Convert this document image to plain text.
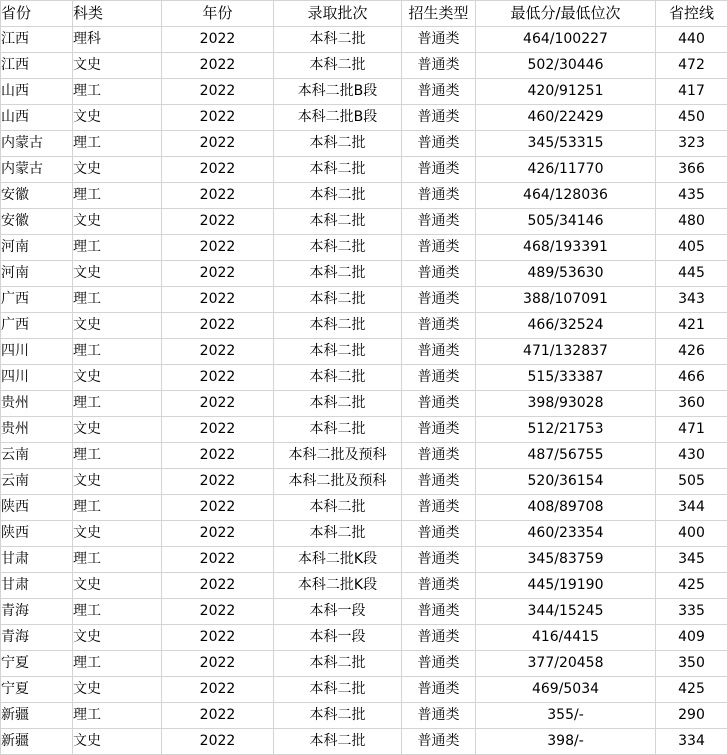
省份	科类	年份	录取批次	招生类型	最低分/最低位次	省控线
江西	理科	2022	本科二批	普通类	464/100227	440
江西	文史	2022	本科二批	普通类	502/30446	472
山西	理工	2022	本科二批B段	普通类	420/91251	417
山西	文史	2022	本科二批B段	普通类	460/22429	450
内蒙古	理工	2022	本科二批	普通类	345/53315	323
内蒙古	文史	2022	本科二批	普通类	426/11770	366
安徽	理工	2022	本科二批	普通类	464/128036	435
安徽	文史	2022	本科二批	普通类	505/34146	480
河南	理工	2022	本科二批	普通类	468/193391	405
河南	文史	2022	本科二批	普通类	489/53630	445
广西	理工	2022	本科二批	普通类	388/107091	343
广西	文史	2022	本科二批	普通类	466/32524	421
四川	理工	2022	本科二批	普通类	471/132837	426
四川	文史	2022	本科二批	普通类	515/33387	466
贵州	理工	2022	本科二批	普通类	398/93028	360
贵州	文史	2022	本科二批	普通类	512/21753	471
云南	理工	2022	本科二批及预科	普通类	487/56755	430
云南	文史	2022	本科二批及预科	普通类	520/36154	505
陕西	理工	2022	本科二批	普通类	408/89708	344
陕西	文史	2022	本科二批	普通类	460/23354	400
甘肃	理工	2022	本科二批K段	普通类	345/83759	345
甘肃	文史	2022	本科二批K段	普通类	445/19190	425
青海	理工	2022	本科一段	普通类	344/15245	335
青海	文史	2022	本科一段	普通类	416/4415	409
宁夏	理工	2022	本科二批	普通类	377/20458	350
宁夏	文史	2022	本科二批	普通类	469/5034	425
新疆	理工	2022	本科二批	普通类	355/-	290
新疆	文史	2022	本科二批	普通类	398/-	334
